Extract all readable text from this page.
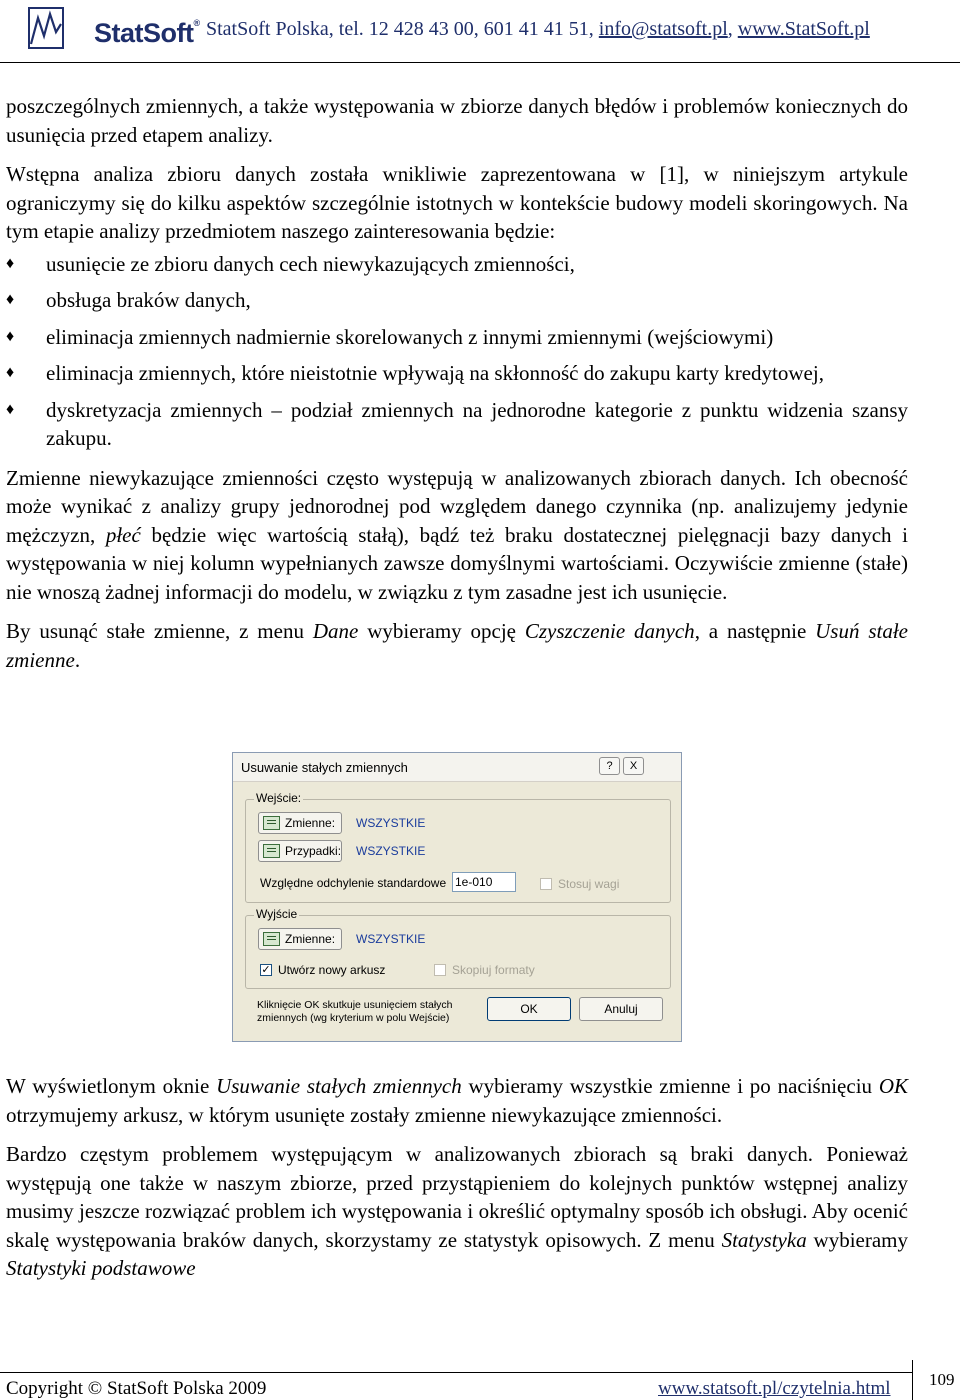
StatSoft® StatSoft Polska, tel. 12 428 43 00, 601 41 41 51, info@statsoft.pl, www.StatSoft.pl

poszczególnych zmiennych, a także występowania w zbiorze danych błędów i problemów koniecznych do usunięcia przed etapem analizy.

Wstępna analiza zbioru danych została wnikliwie zaprezentowana w [1], w niniejszym artykule ograniczymy się do kilku aspektów szczególnie istotnych w kontekście budowy modeli skoringowych. Na tym etapie analizy przedmiotem naszego zainteresowania będzie:

♦ usunięcie ze zbioru danych cech niewykazujących zmienności,
♦ obsługa braków danych,
♦ eliminacja zmiennych nadmiernie skorelowanych z innymi zmiennymi (wejściowymi)
♦ eliminacja zmiennych, które nieistotnie wpływają na skłonność do zakupu karty kredytowej,
♦ dyskretyzacja zmiennych – podział zmiennych na jednorodne kategorie z punktu widzenia szansy zakupu.

Zmienne niewykazujące zmienności często występują w analizowanych zbiorach danych. Ich obecność może wynikać z analizy grupy jednorodnej pod względem danego czynnika (np. analizujemy jedynie mężczyzn, płeć będzie więc wartością stałą), bądź też braku dostatecznej pielęgnacji bazy danych i występowania w niej kolumn wypełnianych zawsze domyślnymi wartościami. Oczywiście zmienne (stałe) nie wnoszą żadnej informacji do modelu, w związku z tym zasadne jest ich usunięcie.

By usunąć stałe zmienne, z menu Dane wybieramy opcję Czyszczenie danych, a następnie Usuń stałe zmienne.

Usuwanie stałych zmiennych	?	X
Wejście:
Zmienne:	WSZYSTKIE
Przypadki: WSZYSTKIE
Względne odchylenie standardowe 1e-010	Stosuj wagi
Wyjście
Zmienne:	WSZYSTKIE
✓ Utwórz nowy arkusz	Skopiuj formaty
Kliknięcie OK skutkuje usunięciem stałych zmiennych (wg kryterium w polu Wejście)
OK	Anuluj

W wyświetlonym oknie Usuwanie stałych zmiennych wybieramy wszystkie zmienne i po naciśnięciu OK otrzymujemy arkusz, w którym usunięte zostały zmienne niewykazujące zmienności.

Bardzo częstym problemem występującym w analizowanych zbiorach są braki danych. Ponieważ występują one także w naszym zbiorze, przed przystąpieniem do kolejnych punktów wstępnej analizy musimy jeszcze rozwiązać problem ich występowania i określić optymalny sposób ich obsługi. Aby ocenić skalę występowania braków danych, skorzystamy ze statystyk opisowych. Z menu Statystyka wybieramy Statystyki podstawowe

Copyright © StatSoft Polska 2009	www.statsoft.pl/czytelnia.html 109
